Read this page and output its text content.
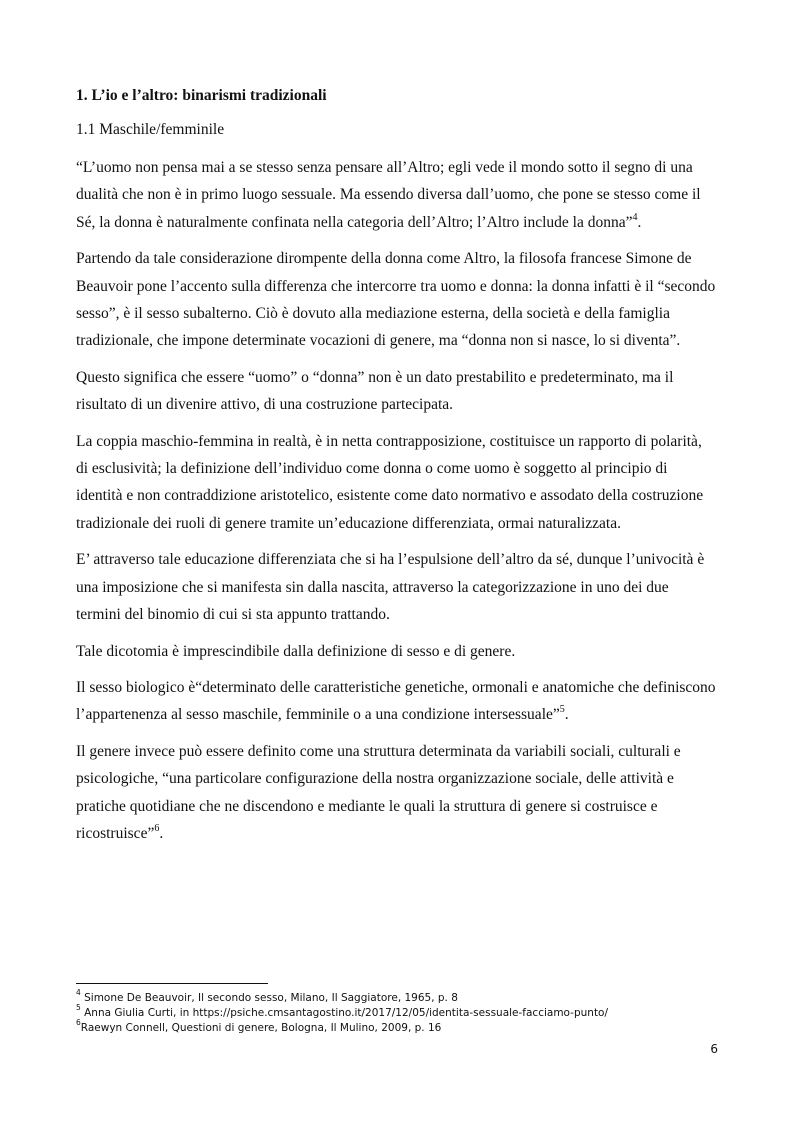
1. L’io e l’altro: binarismi tradizionali
1.1 Maschile/femminile

“L’uomo non pensa mai a se stesso senza pensare all’Altro; egli vede il mondo sotto il segno di una dualità che non è in primo luogo sessuale. Ma essendo diversa dall’uomo, che pone se stesso come il Sé, la donna è naturalmente confinata nella categoria dell’Altro; l’Altro include la donna”$^4$.

Partendo da tale considerazione dirompente della donna come Altro, la filosofa francese Simone de Beauvoir pone l’accento sulla differenza che intercorre tra uomo e donna: la donna infatti è il “secondo sesso”, è il sesso subalterno. Ciò è dovuto alla mediazione esterna, della società e della famiglia tradizionale, che impone determinate vocazioni di genere, ma “donna non si nasce, lo si diventa”.

Questo significa che essere “uomo” o “donna” non è un dato prestabilito e predeterminato, ma il risultato di un divenire attivo, di una costruzione partecipata.

La coppia maschio-femmina in realtà, è in netta contrapposizione, costituisce un rapporto di polarità, di esclusività; la definizione dell’individuo come donna o come uomo è soggetto al principio di identità e non contraddizione aristotelico, esistente come dato normativo e assodato della costruzione tradizionale dei ruoli di genere tramite un’educazione differenziata, ormai naturalizzata.

E’ attraverso tale educazione differenziata che si ha l’espulsione dell’altro da sé, dunque l’univocità è una imposizione che si manifesta sin dalla nascita, attraverso la categorizzazione in uno dei due termini del binomio di cui si sta appunto trattando.

Tale dicotomia è imprescindibile dalla definizione di sesso e di genere.

Il sesso biologico è“determinato delle caratteristiche genetiche, ormonali e anatomiche che definiscono l’appartenenza al sesso maschile, femminile o a una condizione intersessuale”$^5$.

Il genere invece può essere definito come una struttura determinata da variabili sociali, culturali e psicologiche, “una particolare configurazione della nostra organizzazione sociale, delle attività e pratiche quotidiane che ne discendono e mediante le quali la struttura di genere si costruisce e ricostruisce”$^6$.

$^4$ Simone De Beauvoir, Il secondo sesso, Milano, Il Saggiatore, 1965, p. 8
$^5$ Anna Giulia Curti, in https://psiche.cmsantagostino.it/2017/12/05/identita-sessuale-facciamo-punto/
$^6$Raewyn Connell, Questioni di genere, Bologna, Il Mulino, 2009, p. 16
6
